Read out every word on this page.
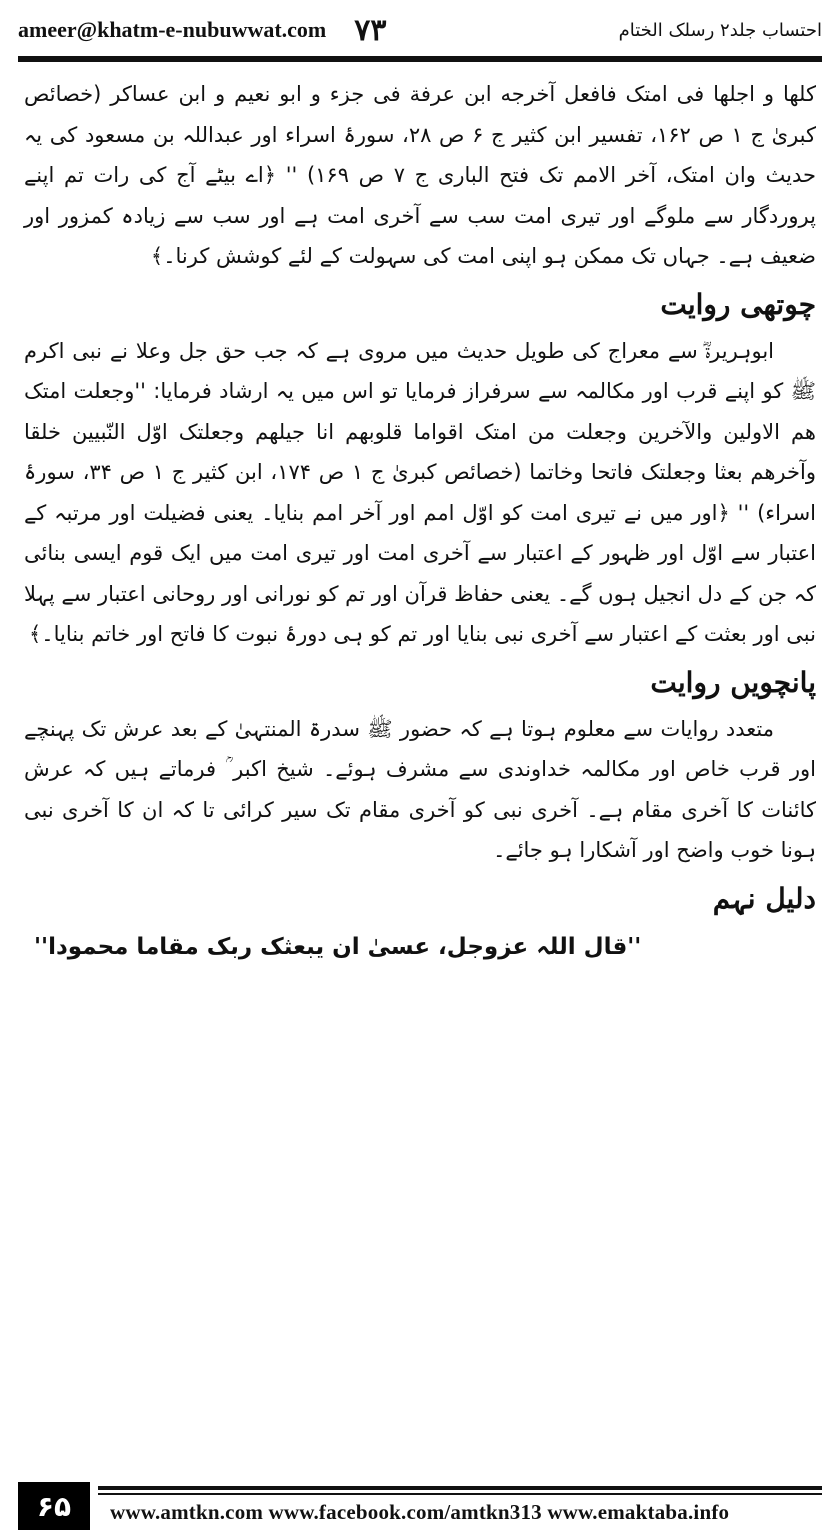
ameer@khatm-e-nubuwwat.com ۷۳	احتساب جلد۲ رسلک الختام

کلھا و اجلھا فی امتک فافعل آخرجه ابن عرفة فی جزء و ابو نعیم و ابن عساکر (خصائص کبریٰ ج ۱ ص ۱۶۲، تفسیر ابن کثیر ج ۶ ص ۲۸، سورۂ اسراء اور عبداللہ بن مسعود کی یہ حدیث وان امتک، آخر الامم تک فتح الباری ج ۷ ص ۱۶۹) '' ﴿اے بیٹے آج کی رات تم اپنے پروردگار سے ملوگے اور تیری امت سب سے آخری امت ہے اور سب سے زیادہ کمزور اور ضعیف ہے۔ جہاں تک ممکن ہو اپنی امت کی سہولت کے لئے کوشش کرنا۔﴾

چوتھی روایت

ابوہریرۃؓ سے معراج کی طویل حدیث میں مروی ہے کہ جب حق جل وعلا نے نبی اکرم ﷺ کو اپنے قرب اور مکالمہ سے سرفراز فرمایا تو اس میں یہ ارشاد فرمایا: ''وجعلت امتک ھم الاولین والآخرین وجعلت من امتک اقواما قلوبھم انا جیلھم وجعلتک اوّل النّبیین خلقا وآخرھم بعثا وجعلتک فاتحا وخاتما (خصائص کبریٰ ج ۱ ص ۱۷۴، ابن کثیر ج ۱ ص ۳۴، سورۂ اسراء) '' ﴿اور میں نے تیری امت کو اوّل امم اور آخر امم بنایا۔ یعنی فضیلت اور مرتبہ کے اعتبار سے اوّل اور ظہور کے اعتبار سے آخری امت اور تیری امت میں ایک قوم ایسی بنائی کہ جن کے دل انجیل ہوں گے۔ یعنی حفاظ قرآن اور تم کو نورانی اور روحانی اعتبار سے پہلا نبی اور بعثت کے اعتبار سے آخری نبی بنایا اور تم کو ہی دورۂ نبوت کا فاتح اور خاتم بنایا۔﴾

پانچویں روایت

متعدد روایات سے معلوم ہوتا ہے کہ حضور ﷺ سدرۃ المنتہیٰ کے بعد عرش تک پہنچے اور قرب خاص اور مکالمہ خداوندی سے مشرف ہوئے۔ شیخ اکبر ؒ فرماتے ہیں کہ عرش کائنات کا آخری مقام ہے۔ آخری نبی کو آخری مقام تک سیر کرائی تا کہ ان کا آخری نبی ہونا خوب واضح اور آشکارا ہو جائے۔

دلیل نہم

''قال اللہ عزوجل، عسیٰ ان یبعثک ربک مقاما محمودا''

۶۵	www.amtkn.com www.facebook.com/amtkn313 www.emaktaba.info
